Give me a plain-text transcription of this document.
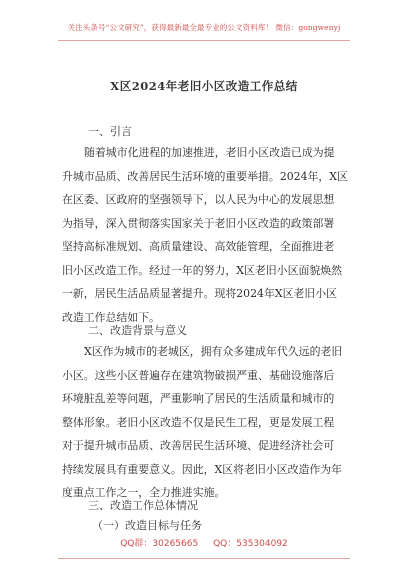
关注头条号“公文研究”，获得最新最全最专业的公文资料库！ 微信：gongwenyj
X区2024年老旧小区改造工作总结
一、引言
随着城市化进程的加速推进，老旧小区改造已成为提
升城市品质、改善居民生活环境的重要举措。2024年，X区
在区委、区政府的坚强领导下，以人民为中心的发展思想
为指导，深入贯彻落实国家关于老旧小区改造的政策部署
坚持高标准规划、高质量建设、高效能管理，全面推进老
旧小区改造工作。经过一年的努力，X区老旧小区面貌焕然
一新，居民生活品质显著提升。现将2024年X区老旧小区
改造工作总结如下。
二、改造背景与意义
X区作为城市的老城区，拥有众多建成年代久远的老旧
小区。这些小区普遍存在建筑物破损严重、基础设施落后
环境脏乱差等问题，严重影响了居民的生活质量和城市的
整体形象。老旧小区改造不仅是民生工程，更是发展工程
对于提升城市品质、改善居民生活环境、促进经济社会可
持续发展具有重要意义。因此，X区将老旧小区改造作为年
度重点工作之一，全力推进实施。
三、改造工作总体情况
（一）改造目标与任务
QQ群：30265665 QQ：535304092
